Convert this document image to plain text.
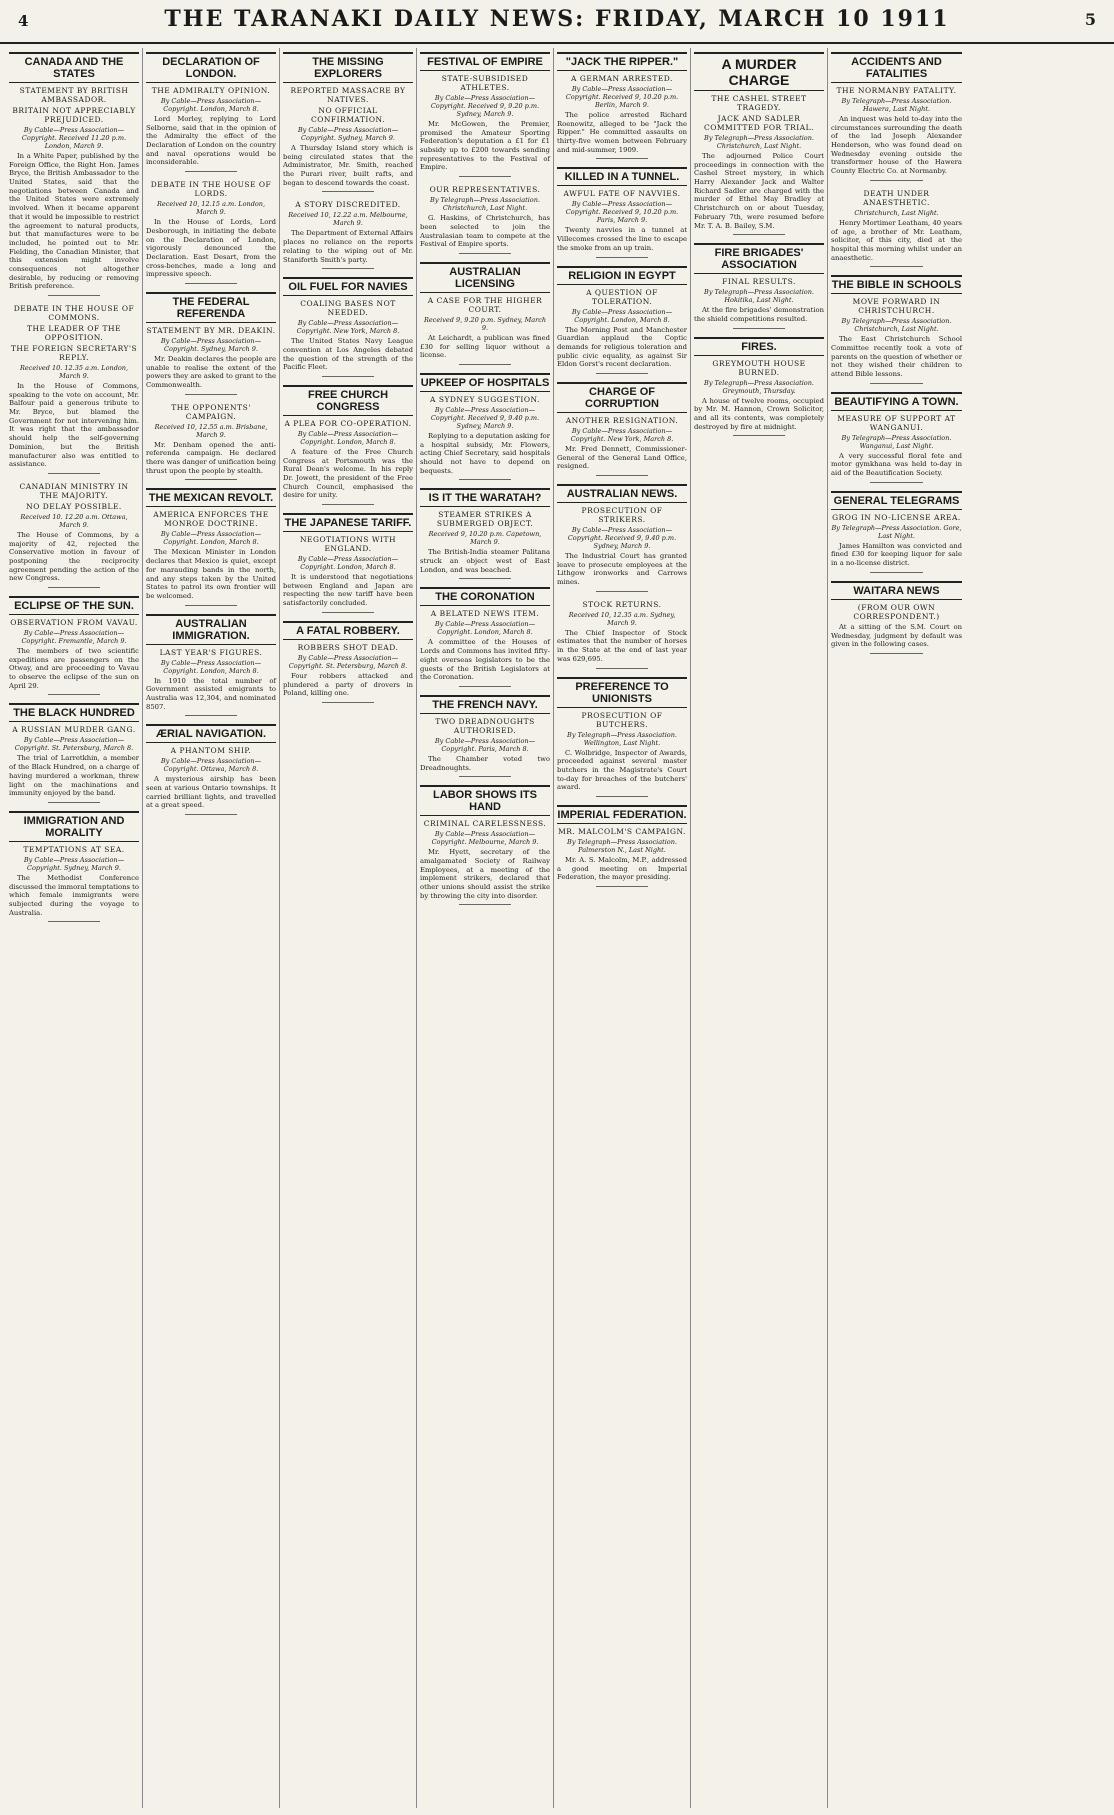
4	THE TARANAKI DAILY NEWS: FRIDAY, MARCH 10 1911	5
CANADA AND THE STATES
STATEMENT BY BRITISH AMBASSADOR.
BRITAIN NOT APPRECIABLY PREJUDICED.
By Cable—Press Association—Copyright. Received 11.20 p.m. London, March 9.

In a White Paper, published by the Foreign Office, the Right Hon. James Bryce, the British Ambassador to the United States, said that the negotiations between Canada and the United States were extremely involved. When it became apparent that it would be impossible to restrict the agreement to natural products, but that manufactures were to be included, he pointed out to Mr. Fielding, the Canadian Minister, that this extension might involve consequences not altogether desirable, by reducing or removing British preference.

DEBATE IN THE HOUSE OF COMMONS.
THE LEADER OF THE OPPOSITION.
THE FOREIGN SECRETARY'S REPLY.
Received 10. 12.35 a.m. London, March 9.

In the House of Commons, speaking to the vote on account, Mr. Balfour paid a generous tribute to Mr. Bryce, but blamed the Government for not intervening him. It was right that the ambassador should help the self-governing Dominion, but the British manufacturer also was entitled to assistance.

CANADIAN MINISTRY IN THE MAJORITY.
NO DELAY POSSIBLE.
Received 10. 12.20 a.m. Ottawa, March 9.

The House of Commons, by a majority of 42, rejected the Conservative motion in favour of postponing the reciprocity agreement pending the action of the new Congress.

ECLIPSE OF THE SUN.
OBSERVATION FROM VAVAU.
By Cable—Press Association—Copyright. Fremantle, March 9.

The members of two scientific expeditions are passengers on the Otway, and are proceeding to Vavau to observe the eclipse of the sun on April 29.

THE BLACK HUNDRED
A RUSSIAN MURDER GANG.
By Cable—Press Association—Copyright. St. Petersburg, March 8.

The trial of Larretkhin, a member of the Black Hundred, on a charge of having murdered a workman, threw light on the machinations and immunity enjoyed by the band.

IMMIGRATION AND MORALITY
TEMPTATIONS AT SEA.
By Cable—Press Association—Copyright. Sydney, March 9.

The Methodist Conference discussed the immoral temptations to which female immigrants were subjected during the voyage to Australia.

DECLARATION OF LONDON.
THE ADMIRALTY OPINION.
By Cable—Press Association—Copyright. London, March 8.

Lord Morley, replying to Lord Selborne, said that in the opinion of the Admiralty the effect of the Declaration of London on the country and naval operations would be inconsiderable.

DEBATE IN THE HOUSE OF LORDS.
Received 10, 12.15 a.m. London, March 9.

In the House of Lords, Lord Desborough, in initiating the debate on the Declaration of London, vigorously denounced the Declaration. East Desart, from the cross-benches, made a long and impressive speech.

THE FEDERAL REFERENDA
STATEMENT BY MR. DEAKIN.
By Cable—Press Association—Copyright. Sydney, March 9.

Mr. Deakin declares the people are unable to realise the extent of the powers they are asked to grant to the Commonwealth.

THE OPPONENTS' CAMPAIGN.
Received 10, 12.55 a.m. Brisbane, March 9.

Mr. Denham opened the anti-referenda campaign. He declared there was danger of unification being thrust upon the people by stealth.

THE MEXICAN REVOLT.
AMERICA ENFORCES THE MONROE DOCTRINE.
By Cable—Press Association—Copyright. London, March 8.

The Mexican Minister in London declares that Mexico is quiet, except for marauding bands in the north, and any steps taken by the United States to patrol its own frontier will be welcomed.

AUSTRALIAN IMMIGRATION.
LAST YEAR'S FIGURES.
By Cable—Press Association—Copyright. London, March 8.

In 1910 the total number of Government assisted emigrants to Australia was 12,304, and nominated 8507.

ÆRIAL NAVIGATION.
A PHANTOM SHIP.
By Cable—Press Association—Copyright. Ottawa, March 8.

A mysterious airship has been seen at various Ontario townships. It carried brilliant lights, and travelled at a great speed.

THE MISSING EXPLORERS
REPORTED MASSACRE BY NATIVES.
NO OFFICIAL CONFIRMATION.
By Cable—Press Association—Copyright. Sydney, March 9.

A Thursday Island story which is being circulated states that the Administrator, Mr. Smith, reached the Purari river, built rafts, and began to descend towards the coast.

A STORY DISCREDITED.
Received 10, 12.22 a.m. Melbourne, March 9.

The Department of External Affairs places no reliance on the reports relating to the wiping out of Mr. Staniforth Smith's party.

OIL FUEL FOR NAVIES
COALING BASES NOT NEEDED.
By Cable—Press Association—Copyright. New York, March 8.

The United States Navy League convention at Los Angeles debated the question of the strength of the Pacific Fleet.

FREE CHURCH CONGRESS
A PLEA FOR CO-OPERATION.
By Cable—Press Association—Copyright. London, March 8.

A feature of the Free Church Congress at Portsmouth was the Rural Dean's welcome. In his reply Dr. Jowett, the president of the Free Church Council, emphasised the desire for unity.

THE JAPANESE TARIFF.
NEGOTIATIONS WITH ENGLAND.
By Cable—Press Association—Copyright. London, March 8.

It is understood that negotiations between England and Japan are respecting the new tariff have been satisfactorily concluded.

A FATAL ROBBERY.
ROBBERS SHOT DEAD.
By Cable—Press Association—Copyright. St. Petersburg, March 8.

Four robbers attacked and plundered a party of drovers in Poland, killing one.

FESTIVAL OF EMPIRE
STATE-SUBSIDISED ATHLETES.
By Cable—Press Association—Copyright. Received 9, 9.20 p.m. Sydney, March 9.

Mr. McGowen, the Premier, promised the Amateur Sporting Federation's deputation a £1 for £1 subsidy up to £200 towards sending representatives to the Festival of Empire.

OUR REPRESENTATIVES.
By Telegraph—Press Association. Christchurch, Last Night.

G. Haskins, of Christchurch, has been selected to join the Australasian team to compete at the Festival of Empire sports.

AUSTRALIAN LICENSING
A CASE FOR THE HIGHER COURT.
Received 9, 9.20 p.m. Sydney, March 9.

At Leichardt, a publican was fined £30 for selling liquor without a license.

UPKEEP OF HOSPITALS
A SYDNEY SUGGESTION.
By Cable—Press Association—Copyright. Received 9, 9.40 p.m. Sydney, March 9.

Replying to a deputation asking for a hospital subsidy, Mr. Flowers, acting Chief Secretary, said hospitals should not have to depend on bequests.

IS IT THE WARATAH?
STEAMER STRIKES A SUBMERGED OBJECT.
Received 9, 10.20 p.m. Capetown, March 9.

The British-India steamer Palitana struck an object west of East London, and was beached.

THE CORONATION
A BELATED NEWS ITEM.
By Cable—Press Association—Copyright. London, March 8.

A committee of the Houses of Lords and Commons has invited fifty-eight overseas legislators to be the guests of the British Legislators at the Coronation.

THE FRENCH NAVY.
TWO DREADNOUGHTS AUTHORISED.
By Cable—Press Association—Copyright. Paris, March 8.

The Chamber voted two Dreadnoughts.

LABOR SHOWS ITS HAND
CRIMINAL CARELESSNESS.
By Cable—Press Association—Copyright. Melbourne, March 9.

Mr. Hyett, secretary of the amalgamated Society of Railway Employees, at a meeting of the implement strikers, declared that other unions should assist the strike by throwing the city into disorder.

"JACK THE RIPPER."
A GERMAN ARRESTED.
By Cable—Press Association—Copyright. Received 9, 10.20 p.m. Berlin, March 9.

The police arrested Richard Roenowitz, alleged to be "Jack the Ripper." He committed assaults on thirty-five women between February and mid-summer, 1909.

KILLED IN A TUNNEL.
AWFUL FATE OF NAVVIES.
By Cable—Press Association—Copyright. Received 9, 10.20 p.m. Paris, March 9.

Twenty navvies in a tunnel at Villecomes crossed the line to escape the smoke from an up train.

RELIGION IN EGYPT
A QUESTION OF TOLERATION.
By Cable—Press Association—Copyright. London, March 8.

The Morning Post and Manchester Guardian applaud the Coptic demands for religious toleration and public civic equality, as against Sir Eldon Gorst's recent declaration.

CHARGE OF CORRUPTION
ANOTHER RESIGNATION.
By Cable—Press Association—Copyright. New York, March 8.

Mr. Fred Dennett, Commissioner-General of the General Land Office, resigned.

AUSTRALIAN NEWS.
PROSECUTION OF STRIKERS.
By Cable—Press Association—Copyright. Received 9, 9.40 p.m. Sydney, March 9.

The Industrial Court has granted leave to prosecute employees at the Lithgow ironworks and Carrows mines.

STOCK RETURNS.
Received 10, 12.35 a.m. Sydney, March 9.

The Chief Inspector of Stock estimates that the number of horses in the State at the end of last year was 629,695.

PREFERENCE TO UNIONISTS
PROSECUTION OF BUTCHERS.
By Telegraph—Press Association. Wellington, Last Night.

C. Wolbridge, Inspector of Awards, proceeded against several master butchers in the Magistrate's Court to-day for breaches of the butchers' award.

IMPERIAL FEDERATION.
MR. MALCOLM'S CAMPAIGN.
By Telegraph—Press Association. Palmerston N., Last Night.

Mr. A. S. Malcolm, M.P., addressed a good meeting on Imperial Federation, the mayor presiding.

A MURDER CHARGE
THE CASHEL STREET TRAGEDY.
JACK AND SADLER COMMITTED FOR TRIAL.
By Telegraph—Press Association. Christchurch, Last Night.

The adjourned Police Court proceedings in connection with the Cashel Street mystery, in which Harry Alexander Jack and Walter Richard Sadler are charged with the murder of Ethel May Bradley at Christchurch on or about Tuesday, February 7th, were resumed before Mr. T. A. B. Bailey, S.M.

FIRE BRIGADES' ASSOCIATION
FINAL RESULTS.
By Telegraph—Press Association. Hokitika, Last Night.

At the fire brigades' demonstration the shield competitions resulted.

FIRES.
GREYMOUTH HOUSE BURNED.
By Telegraph—Press Association. Greymouth, Thursday.

A house of twelve rooms, occupied by Mr. M. Hannon, Crown Solicitor, and all its contents, was completely destroyed by fire at midnight.

ACCIDENTS AND FATALITIES
THE NORMANBY FATALITY.
By Telegraph—Press Association. Hawera, Last Night.

An inquest was held to-day into the circumstances surrounding the death of the lad Joseph Alexander Henderson, who was found dead on Wednesday evening outside the transformer house of the Hawera County Electric Co. at Normanby.

DEATH UNDER ANAESTHETIC.
Christchurch, Last Night.

Henry Mortimer Leatham, 40 years of age, a brother of Mr. Leatham, solicitor, of this city, died at the hospital this morning whilst under an anaesthetic.

THE BIBLE IN SCHOOLS
MOVE FORWARD IN CHRISTCHURCH.
By Telegraph—Press Association. Christchurch, Last Night.

The East Christchurch School Committee recently took a vote of parents on the question of whether or not they wished their children to attend Bible lessons.

BEAUTIFYING A TOWN.
MEASURE OF SUPPORT AT WANGANUI.
By Telegraph—Press Association. Wanganui, Last Night.

A very successful floral fete and motor gymkhana was held to-day in aid of the Beautification Society.

GENERAL TELEGRAMS
GROG IN NO-LICENSE AREA.
By Telegraph—Press Association. Gore, Last Night.

James Hamilton was convicted and fined £30 for keeping liquor for sale in a no-license district.

WAITARA NEWS
(FROM OUR OWN CORRESPONDENT.)

At a sitting of the S.M. Court on Wednesday, judgment by default was given in the following cases.
